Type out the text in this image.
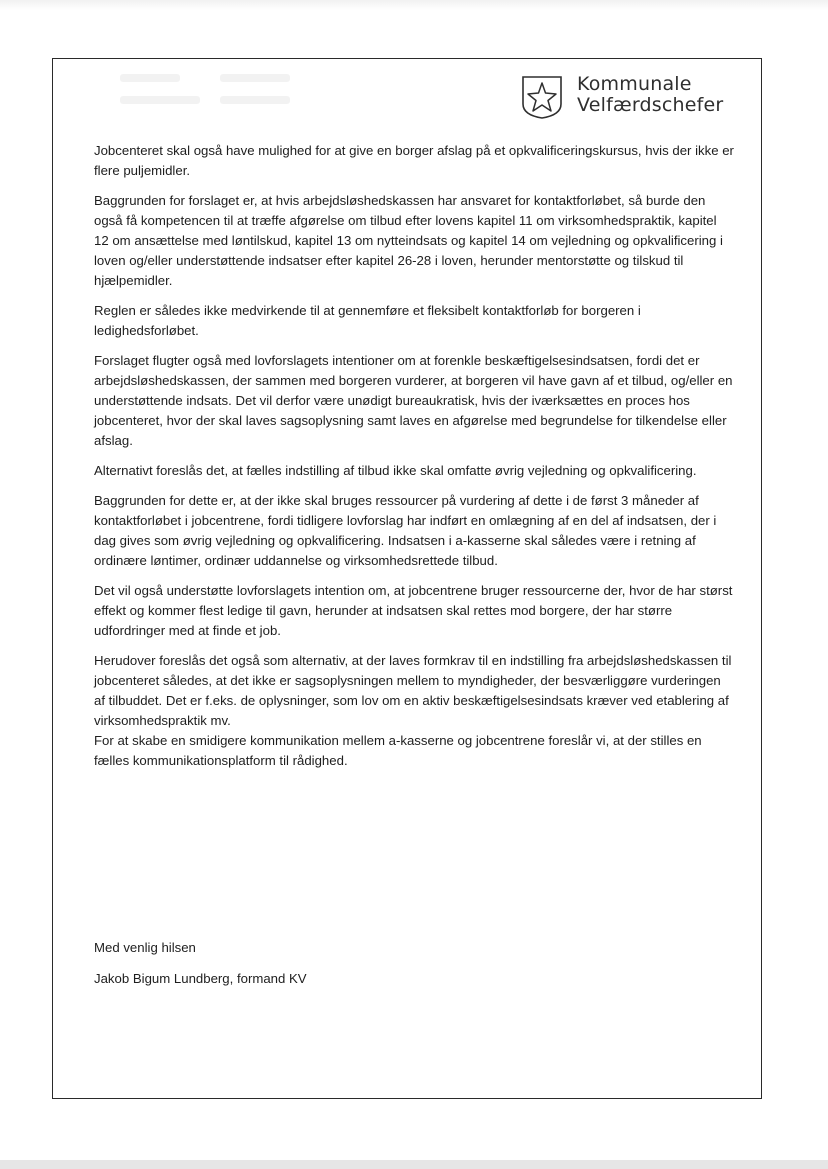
Kommunale
Velfærdschefer

Jobcenteret skal også have mulighed for at give en borger afslag på et opkvalificeringskursus, hvis der ikke er flere puljemidler.

Baggrunden for forslaget er, at hvis arbejdsløshedskassen har ansvaret for kontaktforløbet, så burde den også få kompetencen til at træffe afgørelse om tilbud efter lovens kapitel 11 om virksomhedspraktik, kapitel 12 om ansættelse med løntilskud, kapitel 13 om nytteindsats og kapitel 14 om vejledning og opkvalificering i loven og/eller understøttende indsatser efter kapitel 26-28 i loven, herunder mentorstøtte og tilskud til hjælpemidler.

Reglen er således ikke medvirkende til at gennemføre et fleksibelt kontaktforløb for borgeren i ledighedsforløbet.

Forslaget flugter også med lovforslagets intentioner om at forenkle beskæftigelsesindsatsen, fordi det er arbejdsløshedskassen, der sammen med borgeren vurderer, at borgeren vil have gavn af et tilbud, og/eller en understøttende indsats. Det vil derfor være unødigt bureaukratisk, hvis der iværksættes en proces hos jobcenteret, hvor der skal laves sagsoplysning samt laves en afgørelse med begrundelse for tilkendelse eller afslag.

Alternativt foreslås det, at fælles indstilling af tilbud ikke skal omfatte øvrig vejledning og opkvalificering.

Baggrunden for dette er, at der ikke skal bruges ressourcer på vurdering af dette i de først 3 måneder af kontaktforløbet i jobcentrene, fordi tidligere lovforslag har indført en omlægning af en del af indsatsen, der i dag gives som øvrig vejledning og opkvalificering. Indsatsen i a-kasserne skal således være i retning af ordinære løntimer, ordinær uddannelse og virksomhedsrettede tilbud.

Det vil også understøtte lovforslagets intention om, at jobcentrene bruger ressourcerne der, hvor de har størst effekt og kommer flest ledige til gavn, herunder at indsatsen skal rettes mod borgere, der har større udfordringer med at finde et job.

Herudover foreslås det også som alternativ, at der laves formkrav til en indstilling fra arbejdsløshedskassen til jobcenteret således, at det ikke er sagsoplysningen mellem to myndigheder, der besværliggøre vurderingen af tilbuddet. Det er f.eks. de oplysninger, som lov om en aktiv beskæftigelsesindsats kræver ved etablering af virksomhedspraktik mv.

For at skabe en smidigere kommunikation mellem a-kasserne og jobcentrene foreslår vi, at der stilles en fælles kommunikationsplatform til rådighed.

Med venlig hilsen

Jakob Bigum Lundberg, formand KV
